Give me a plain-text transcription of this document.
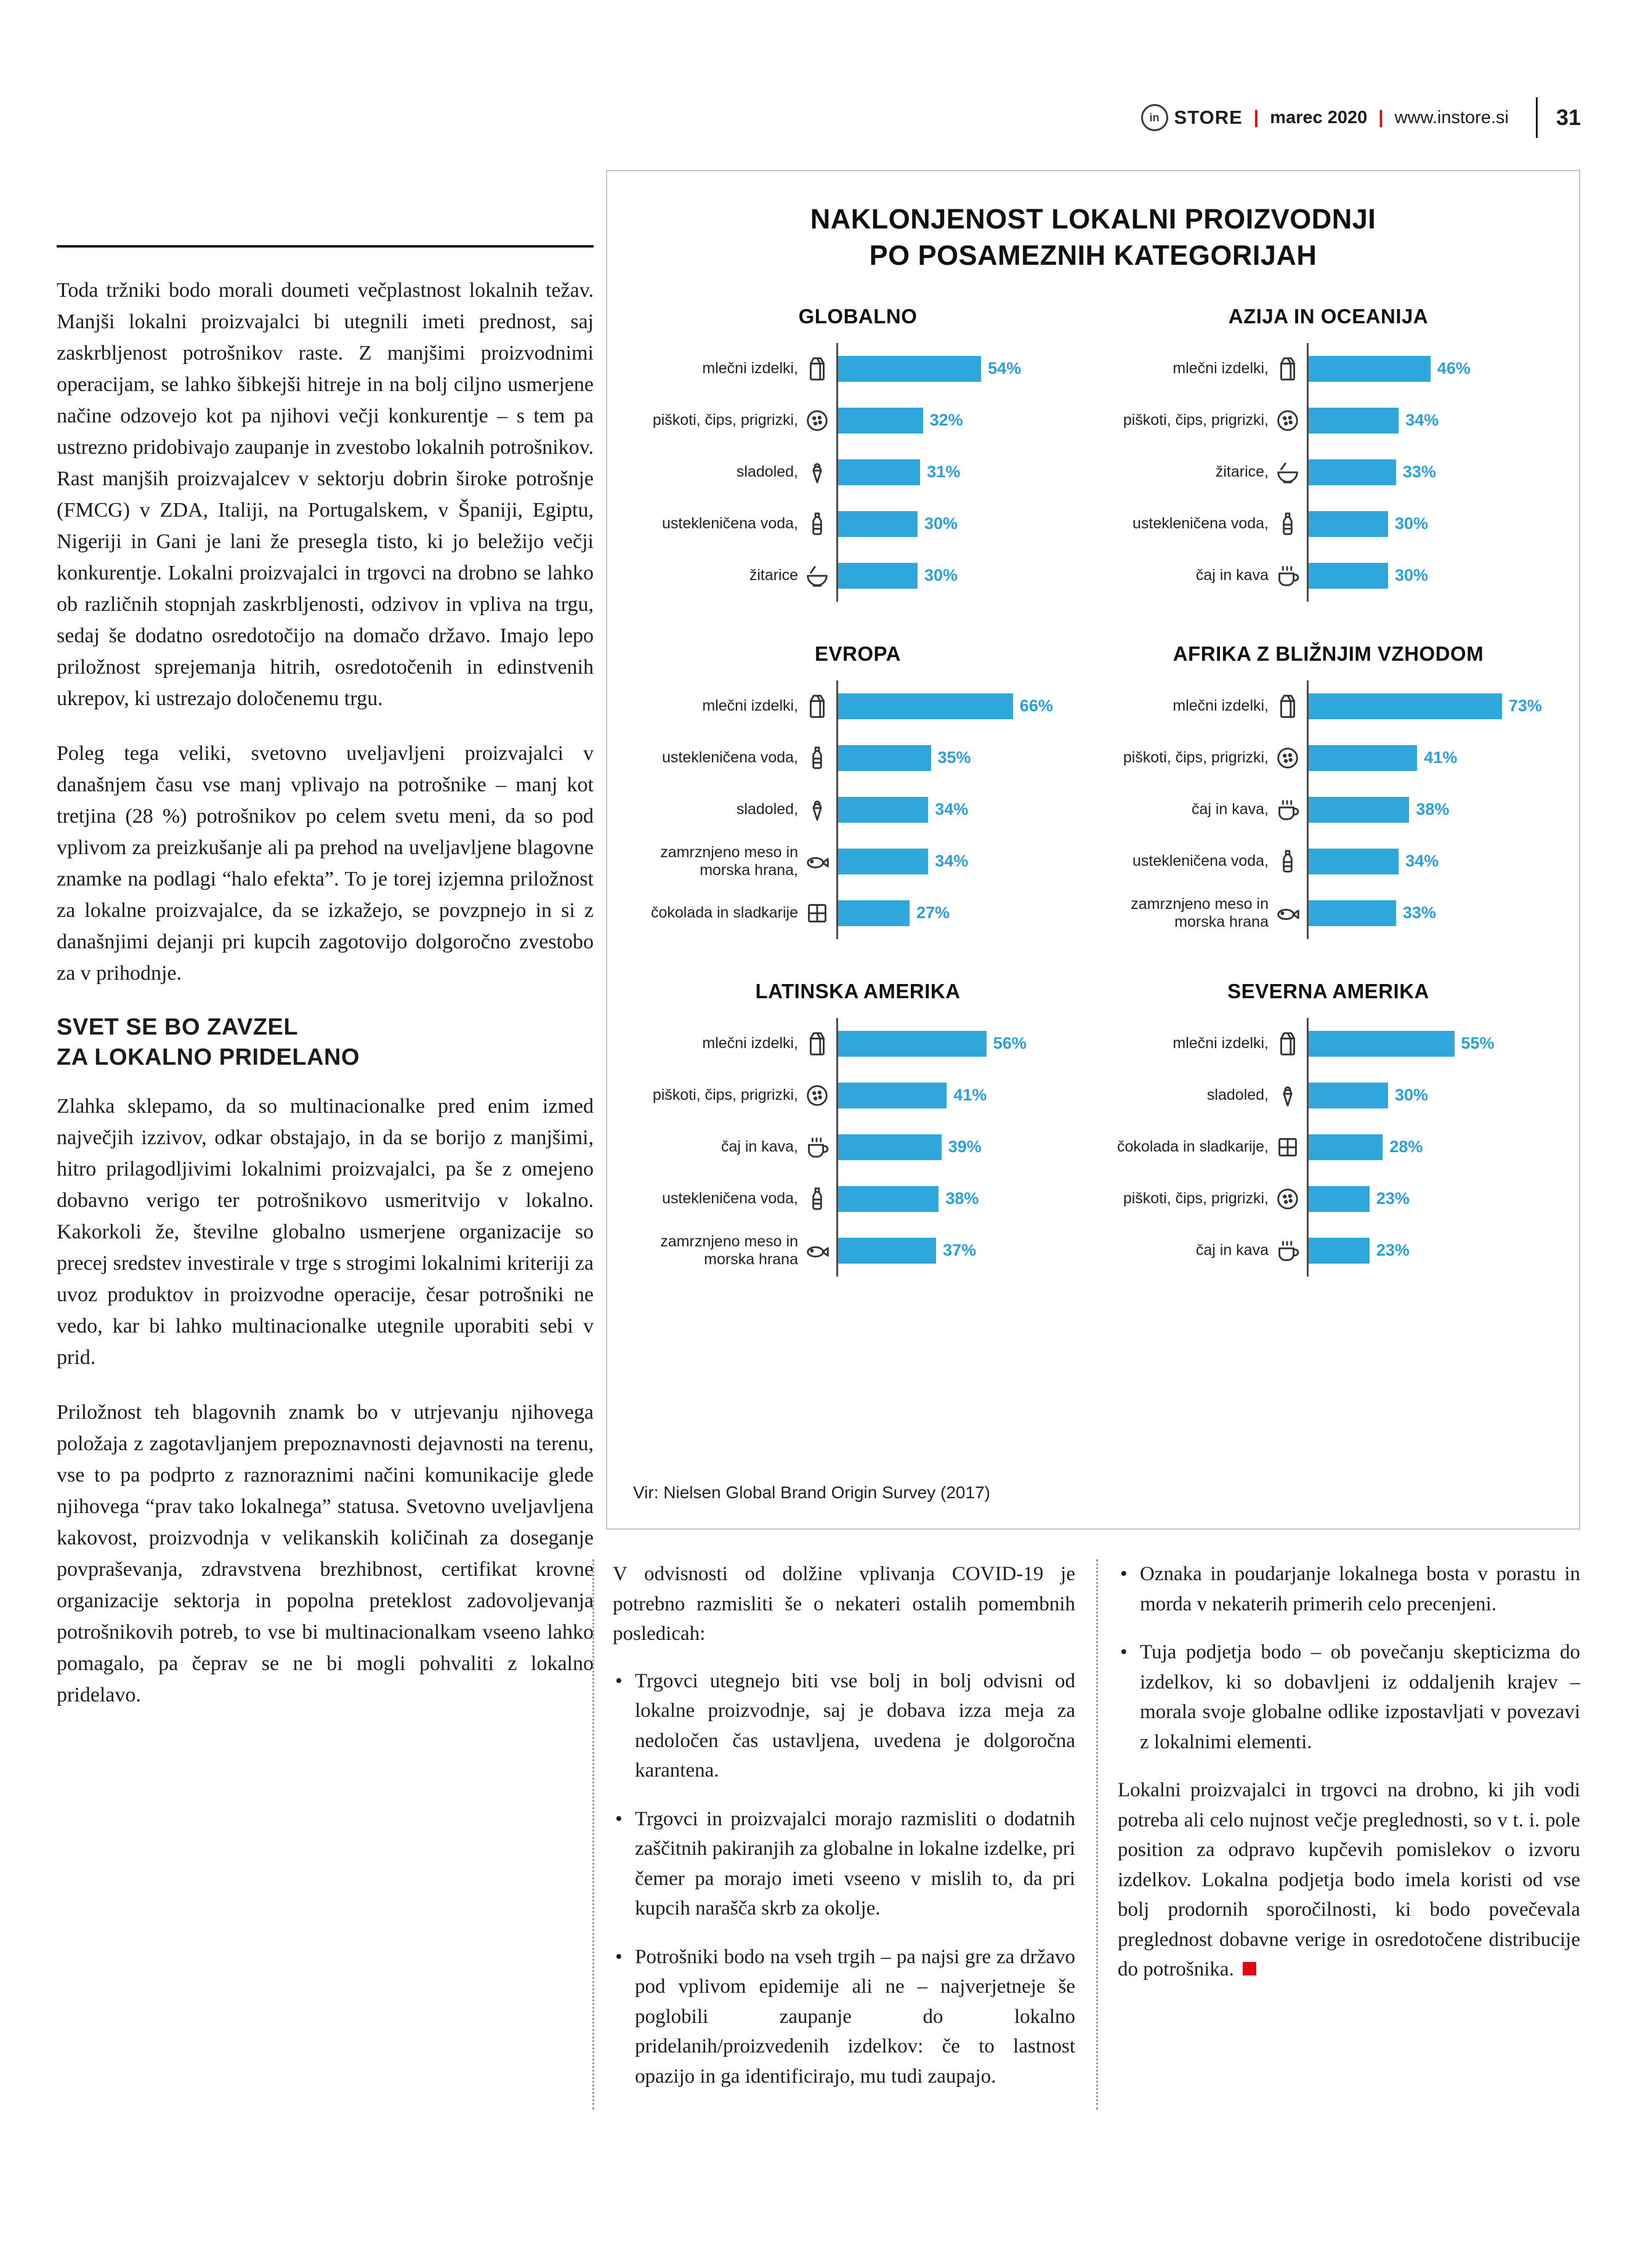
in STORE | marec 2020 | www.instore.si 31

Toda tržniki bodo morali doumeti večplastnost lokalnih težav. Manjši lokalni proizvajalci bi utegnili imeti prednost, saj zaskrbljenost potrošnikov raste. Z manjšimi proizvodnimi operacijam, se lahko šibkejši hitreje in na bolj ciljno usmerjene načine odzovejo kot pa njihovi večji konkurentje – s tem pa ustrezno pridobivajo zaupanje in zvestobo lokalnih potrošnikov. Rast manjših proizvajalcev v sektorju dobrin široke potrošnje (FMCG) v ZDA, Italiji, na Portugalskem, v Španiji, Egiptu, Nigeriji in Gani je lani že presegla tisto, ki jo beležijo večji konkurentje. Lokalni proizvajalci in trgovci na drobno se lahko ob različnih stopnjah zaskrbljenosti, odzivov in vpliva na trgu, sedaj še dodatno osredotočijo na domačo državo. Imajo lepo priložnost sprejemanja hitrih, osredotočenih in edinstvenih ukrepov, ki ustrezajo določenemu trgu.

Poleg tega veliki, svetovno uveljavljeni proizvajalci v današnjem času vse manj vplivajo na potrošnike – manj kot tretjina (28 %) potrošnikov po celem svetu meni, da so pod vplivom za preizkušanje ali pa prehod na uveljavljene blagovne znamke na podlagi “halo efekta”. To je torej izjemna priložnost za lokalne proizvajalce, da se izkažejo, se povzpnejo in si z današnjimi dejanji pri kupcih zagotovijo dolgoročno zvestobo za v prihodnje.

SVET SE BO ZAVZEL
ZA LOKALNO PRIDELANO

Zlahka sklepamo, da so multinacionalke pred enim izmed največjih izzivov, odkar obstajajo, in da se borijo z manjšimi, hitro prilagodljivimi lokalnimi proizvajalci, pa še z omejeno dobavno verigo ter potrošnikovo usmeritvijo v lokalno. Kakorkoli že, številne globalno usmerjene organizacije so precej sredstev investirale v trge s strogimi lokalnimi kriteriji za uvoz produktov in proizvodne operacije, česar potrošniki ne vedo, kar bi lahko multinacionalke utegnile uporabiti sebi v prid.

Priložnost teh blagovnih znamk bo v utrjevanju njihovega položaja z zagotavljanjem prepoznavnosti dejavnosti na terenu, vse to pa podprto z raznoraznimi načini komunikacije glede njihovega “prav tako lokalnega” statusa. Svetovno uveljavljena kakovost, proizvodnja v velikanskih količinah za doseganje povpraševanja, zdravstvena brezhibnost, certifikat krovne organizacije sektorja in popolna preteklost zadovoljevanja potrošnikovih potreb, to vse bi multinacionalkam vseeno lahko pomagalo, pa čeprav se ne bi mogli pohvaliti z lokalno pridelavo.

NAKLONJENOST LOKALNI PROIZVODNJI
PO POSAMEZNIH KATEGORIJAH
GLOBALNO
mlečni izdelki,	54%
piškoti, čips, prigrizki,	32%
sladoled,	31%
ustekleničena voda,	30%
žitarice	30%
AZIJA IN OCEANIJA
mlečni izdelki,	46%
piškoti, čips, prigrizki,	34%
žitarice,	33%
ustekleničena voda,	30%
čaj in kava	30%
EVROPA
mlečni izdelki,	66%
ustekleničena voda,	35%
sladoled,	34%
zamrznjeno meso in morska hrana,	34%
čokolada in sladkarije	27%
AFRIKA Z BLIŽNJIM VZHODOM
mlečni izdelki,	73%
piškoti, čips, prigrizki,	41%
čaj in kava,	38%
ustekleničena voda,	34%
zamrznjeno meso in morska hrana	33%
LATINSKA AMERIKA
mlečni izdelki,	56%
piškoti, čips, prigrizki,	41%
čaj in kava,	39%
ustekleničena voda,	38%
zamrznjeno meso in morska hrana	37%
SEVERNA AMERIKA
mlečni izdelki,	55%
sladoled,	30%
čokolada in sladkarije,	28%
piškoti, čips, prigrizki,	23%
čaj in kava	23%
Vir: Nielsen Global Brand Origin Survey (2017)

V odvisnosti od dolžine vplivanja COVID-19 je potrebno razmisliti še o nekateri ostalih pomembnih posledicah:

• Trgovci utegnejo biti vse bolj in bolj odvisni od lokalne proizvodnje, saj je dobava izza meja za nedoločen čas ustavljena, uvedena je dolgoročna karantena.
• Trgovci in proizvajalci morajo razmisliti o dodatnih zaščitnih pakiranjih za globalne in lokalne izdelke, pri čemer pa morajo imeti vseeno v mislih to, da pri kupcih narašča skrb za okolje.
• Potrošniki bodo na vseh trgih – pa najsi gre za državo pod vplivom epidemije ali ne – najverjetneje še poglobili zaupanje do lokalno pridelanih/proizvedenih izdelkov: če to lastnost opazijo in ga identificirajo, mu tudi zaupajo.
• Oznaka in poudarjanje lokalnega bosta v porastu in morda v nekaterih primerih celo precenjeni.
• Tuja podjetja bodo – ob povečanju skepticizma do izdelkov, ki so dobavljeni iz oddaljenih krajev – morala svoje globalne odlike izpostavljati v povezavi z lokalnimi elementi.

Lokalni proizvajalci in trgovci na drobno, ki jih vodi potreba ali celo nujnost večje preglednosti, so v t. i. pole position za odpravo kupčevih pomislekov o izvoru izdelkov. Lokalna podjetja bodo imela koristi od vse bolj prodornih sporočilnosti, ki bodo povečevala preglednost dobavne verige in osredotočene distribucije do potrošnika.
